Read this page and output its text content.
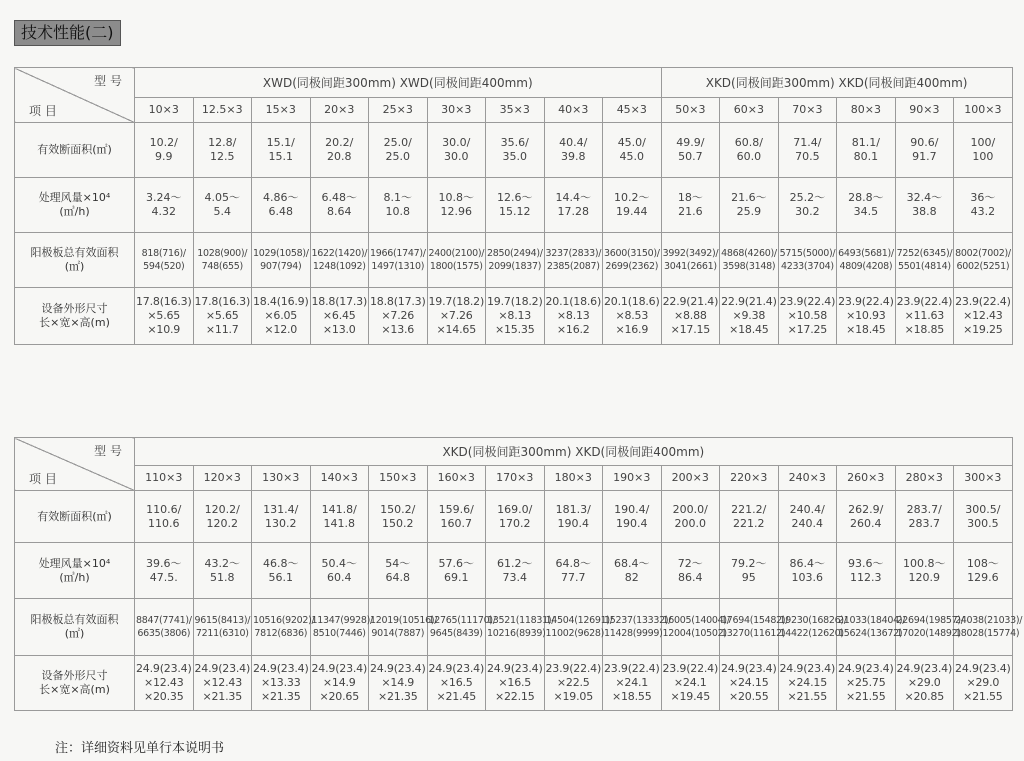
技术性能(二)
型 号
项 目	XWD(同极间距300mm) XWD(同极间距400mm)									XKD(同极间距300mm) XKD(同极间距400mm)					
	10×3	12.5×3	15×3	20×3	25×3	30×3	35×3	40×3	45×3	50×3	60×3	70×3	80×3	90×3	100×3

有效断面积(㎡)	10.2/
9.9	12.8/
12.5	15.1/
15.1	20.2/
20.8	25.0/
25.0	30.0/
30.0	35.6/
35.0	40.4/
39.8	45.0/
45.0	49.9/
50.7	60.8/
60.0	71.4/
70.5	81.1/
80.1	90.6/
91.7	100/
100

处理风量×10⁴
(㎥/h)	3.24～
4.32	4.05～
5.4	4.86～
6.48	6.48～
8.64	8.1～
10.8	10.8～
12.96	12.6～
15.12	14.4～
17.28	10.2～
19.44	18～
21.6	21.6～
25.9	25.2～
30.2	28.8～
34.5	32.4～
38.8	36～
43.2

阳极板总有效面积
(㎡)	818(716)/
594(520)	1028(900)/
748(655)	1029(1058)/
907(794)	1622(1420)/
1248(1092)	1966(1747)/
1497(1310)	2400(2100)/
1800(1575)	2850(2494)/
2099(1837)	3237(2833)/
2385(2087)	3600(3150)/
2699(2362)	3992(3492)/
3041(2661)	4868(4260)/
3598(3148)	5715(5000)/
4233(3704)	6493(5681)/
4809(4208)	7252(6345)/
5501(4814)	8002(7002)/
6002(5251)

设备外形尺寸
长×宽×高(m)	17.8(16.3)
×5.65
×10.9	17.8(16.3)
×5.65
×11.7	18.4(16.9)
×6.05
×12.0	18.8(17.3)
×6.45
×13.0	18.8(17.3)
×7.26
×13.6	19.7(18.2)
×7.26
×14.65	19.7(18.2)
×8.13
×15.35	20.1(18.6)
×8.13
×16.2	20.1(18.6)
×8.53
×16.9	22.9(21.4)
×8.88
×17.15	22.9(21.4)
×9.38
×18.45	23.9(22.4)
×10.58
×17.25	23.9(22.4)
×10.93
×18.45	23.9(22.4)
×11.63
×18.85	23.9(22.4)
×12.43
×19.25
型 号
项 目	XKD(同极间距300mm) XKD(同极间距400mm)														
	110×3	120×3	130×3	140×3	150×3	160×3	170×3	180×3	190×3	200×3	220×3	240×3	260×3	280×3	300×3

有效断面积(㎡)	110.6/
110.6	120.2/
120.2	131.4/
130.2	141.8/
141.8	150.2/
150.2	159.6/
160.7	169.0/
170.2	181.3/
190.4	190.4/
190.4	200.0/
200.0	221.2/
221.2	240.4/
240.4	262.9/
260.4	283.7/
283.7	300.5/
300.5

处理风量×10⁴
(㎥/h)	39.6～
47.5.	43.2～
51.8	46.8～
56.1	50.4～
60.4	54～
64.8	57.6～
69.1	61.2～
73.4	64.8～
77.7	68.4～
82	72～
86.4	79.2～
95	86.4～
103.6	93.6～
112.3	100.8～
120.9	108～
129.6

阳极板总有效面积
(㎡)	8847(7741)/
6635(3806)	9615(8413)/
7211(6310)	10516(9202)/
7812(6836)	11347(9928)/
8510(7446)	12019(10516)/
9014(7887)	12765(11170)/
9645(8439)	13521(11831)/
10216(8939)	14504(12691)/
11002(9628)	15237(13332)/
11428(9999)	16005(14004)/
12004(10502)	17694(15482)/
13270(11612)	19230(16826)/
14422(12620)	21033(18404)/
15624(13672)	22694(19857)/
17020(14892)	24038(21033)/
18028(15774)

设备外形尺寸
长×宽×高(m)	24.9(23.4)
×12.43
×20.35	24.9(23.4)
×12.43
×21.35	24.9(23.4)
×13.33
×21.35	24.9(23.4)
×14.9
×20.65	24.9(23.4)
×14.9
×21.35	24.9(23.4)
×16.5
×21.45	24.9(23.4)
×16.5
×22.15	23.9(22.4)
×22.5
×19.05	23.9(22.4)
×24.1
×18.55	23.9(22.4)
×24.1
×19.45	24.9(23.4)
×24.15
×20.55	24.9(23.4)
×24.15
×21.55	24.9(23.4)
×25.75
×21.55	24.9(23.4)
×29.0
×20.85	24.9(23.4)
×29.0
×21.55
注：详细资料见单行本说明书
